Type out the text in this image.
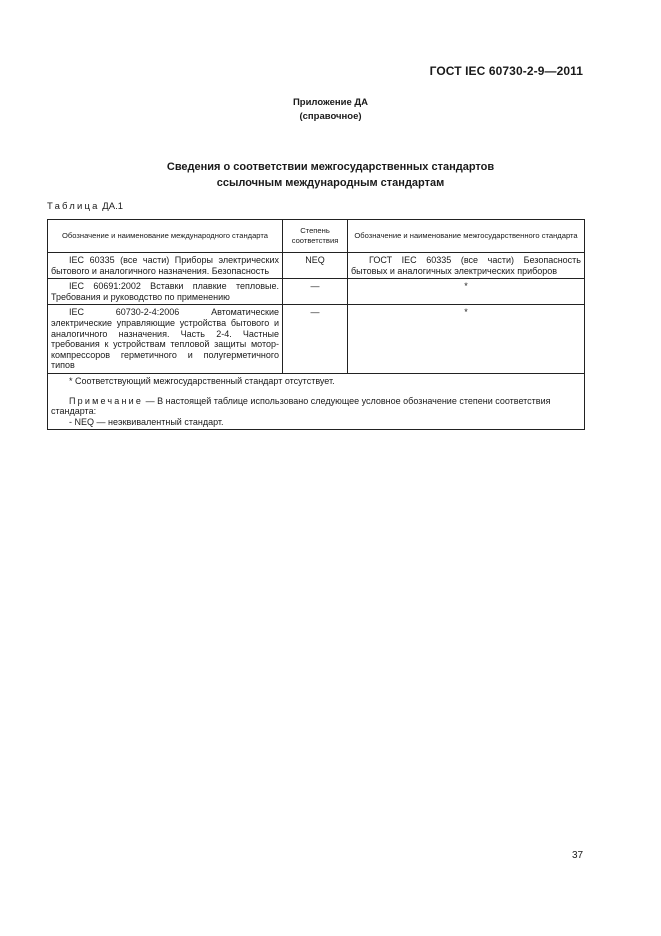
ГОСТ IEC 60730-2-9—2011
Приложение ДА
(справочное)
Сведения о соответствии межгосударственных стандартов
ссылочным международным стандартам
Таблица ДА.1
Обозначение и наименование международного стандарта	Степень соответствия	Обозначение и наименование межгосударственного стандарта
IEC 60335 (все части) Приборы электрических бытового и аналогичного назначения. Безопасность	NEQ	ГОСТ IEC 60335 (все части) Безопасность бытовых и аналогичных электрических приборов
IEC 60691:2002 Вставки плавкие тепловые. Требования и руководство по применению	—	*
IEC 60730-2-4:2006 Автоматические электрические управляющие устройства бытового и аналогичного назначения. Часть 2-4. Частные требования к устройствам тепловой защиты мотор-компрессоров герметичного и полугерметичного типов	—	*

* Соответствующий межгосударственный стандарт отсутствует.
Примечание — В настоящей таблице использовано следующее условное обозначение степени соответствия стандарта:
- NEQ — неэквивалентный стандарт.		
37
